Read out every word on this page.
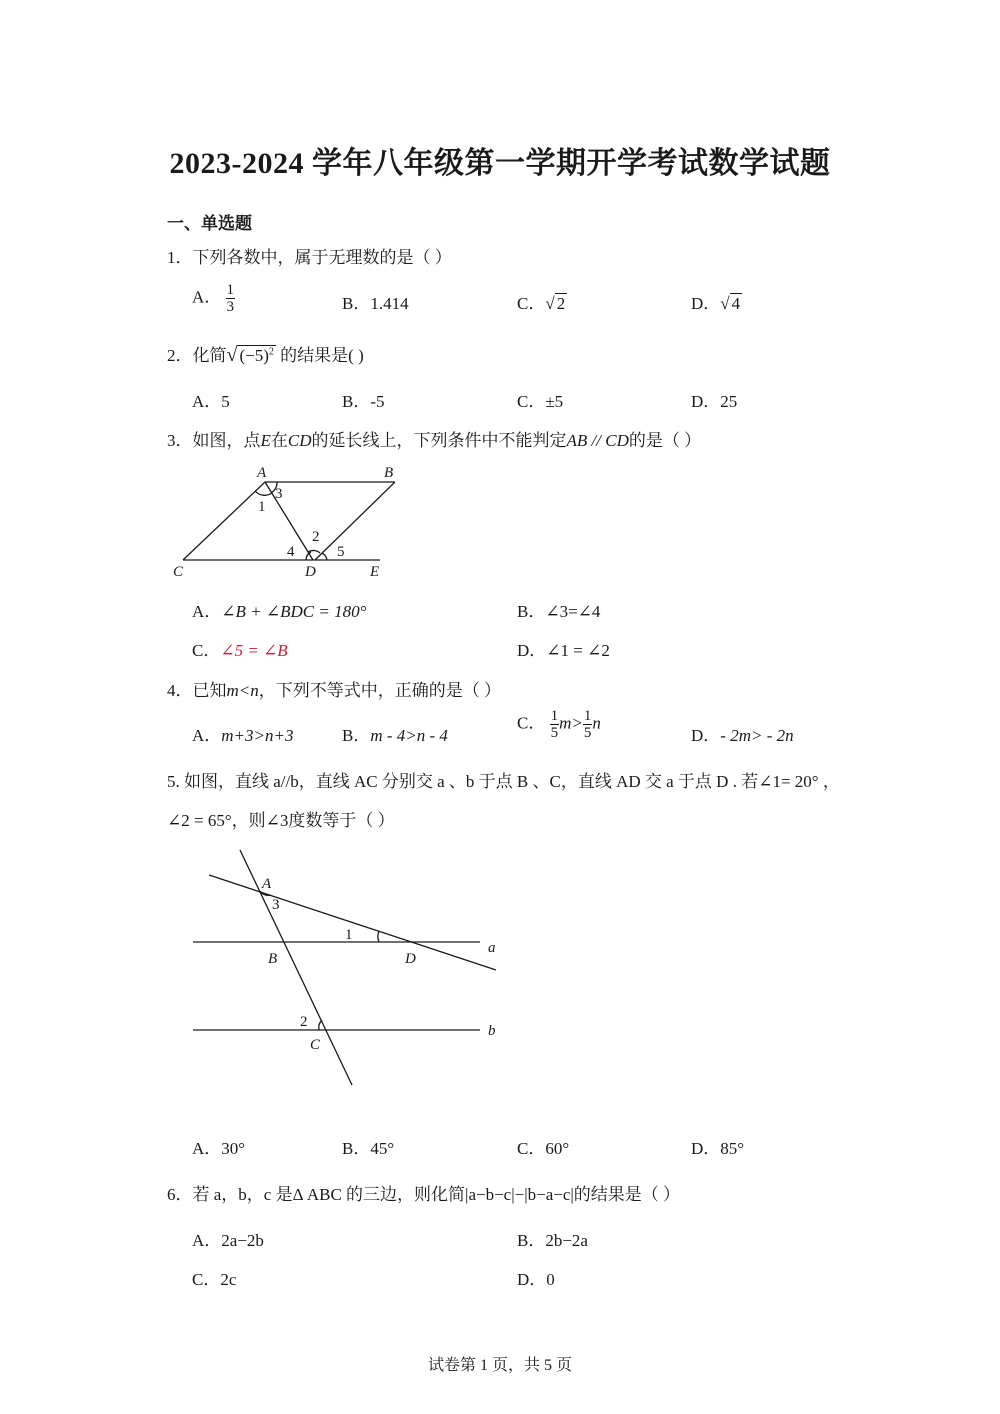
2023-2024 学年八年级第一学期开学考试数学试题
一、单选题
1．下列各数中，属于无理数的是（ ）
A． $\frac{1}{3}$	B．1.414	C．√ 2	D．√ 4
2．化简√ $(-5)^2$ 的结果是( )
A．5	B．-5	C．±5	D．25
3．如图，点E在CD的延长线上，下列条件中不能判定AB // CD的是（ ）
A	B
C	D	E
1
3
2
4	5
A．∠B + ∠BDC = 180°	B．∠3=∠4
C．∠5 = ∠B	D．∠1 = ∠2
4．已知m<n，下列不等式中，正确的是（ ）
A．m+3>n+3	B．m - 4>n - 4
C． $\frac{1}{5} m> \frac{1}{5}$ n
D．- 2m> - 2n
5. 如图，直线 a//b，直线 AC 分别交 a 、b 于点 B 、C，直线 AD 交 a 于点 D . 若∠1= 20° ，
∠2 = 65°，则∠3度数等于（ ）
A
3
1
B	D
a
2
C
b
A．30°	B．45°	C．60°	D．85°
6．若 a，b，c 是Δ ABC 的三边，则化简|a−b−c|−|b−a−c|的结果是（ ）
A．2a−2b	B．2b−2a
C．2c	D．0
试卷第 1 页，共 5 页
